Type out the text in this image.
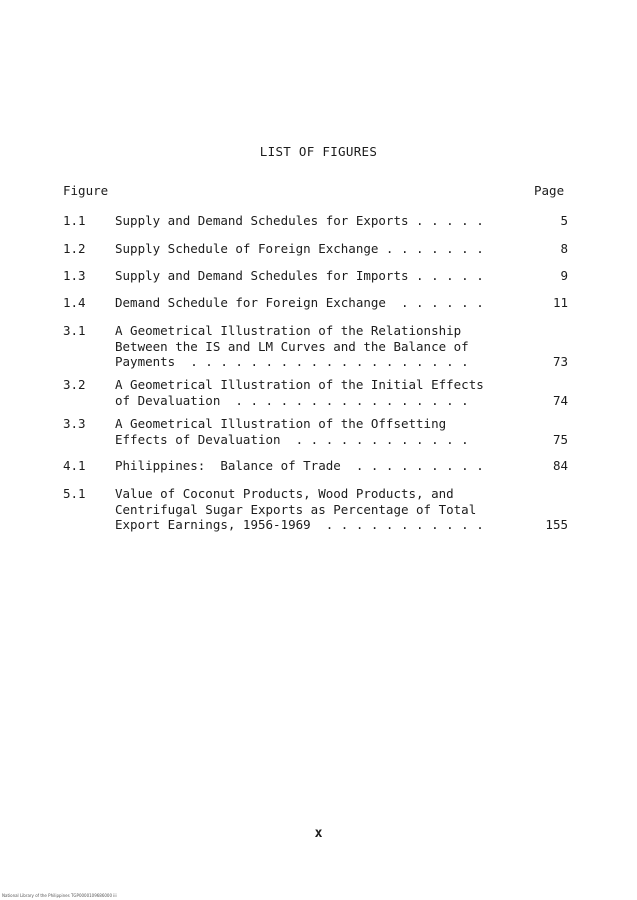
LIST OF FIGURES
Figure	Page
1.1 Supply and Demand Schedules for Exports . . . . .	5
1.2 Supply Schedule of Foreign Exchange . . . . . . .	8
1.3 Supply and Demand Schedules for Imports . . . . .	9
1.4 Demand Schedule for Foreign Exchange  . . . . . .	11
3.1 A Geometrical Illustration of the Relationship
Between the IS and LM Curves and the Balance of
Payments  . . . . . . . . . . . . . . . . . . .	73
3.2 A Geometrical Illustration of the Initial Effects
of Devaluation  . . . . . . . . . . . . . . . .	74
3.3 A Geometrical Illustration of the Offsetting
Effects of Devaluation  . . . . . . . . . . . .	75
4.1 Philippines:  Balance of Trade  . . . . . . . . .	84
5.1 Value of Coconut Products, Wood Products, and
Centrifugal Sugar Exports as Percentage of Total
Export Earnings, 1956-1969  . . . . . . . . . . .	155
x
National Library of the Philippines TGP0000109686000 iii
